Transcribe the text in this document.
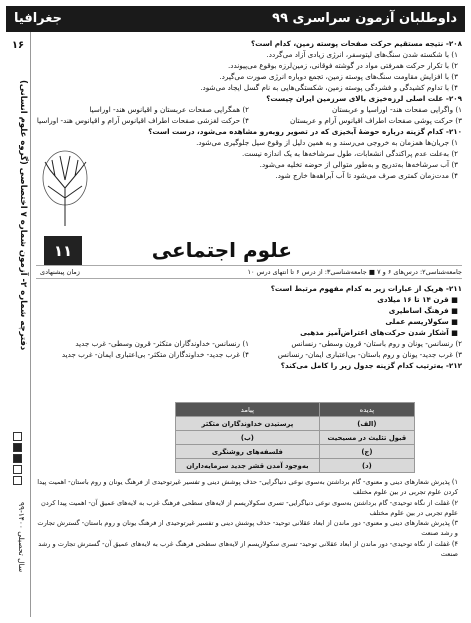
داوطلبان آزمون سراسری ۹۹
جغرافیا
۱۶
دفترچه شماره ۲- آزمون شماره ۷ اختصاصی (گروه علوم انسانی)
سال تحصیلی ۱۴۰۰-۹۹
۲۰۸- نتیجه مستقیم حرکت صفحات پوسته زمین، کدام است؟
۱) با شکسته شدن سنگ‌های لیتوسفر، انرژی زیادی آزاد می‌گردد.
۲) با تکرار حرکت همرفتی مواد در گوشته فوقانی، زمین‌لرزه بوقوع می‌پیوندد.
۳) با افزایش مقاومت سنگ‌های پوسته زمین، تجمع دوباره انرژی صورت می‌گیرد.
۴) با تداوم کشیدگی و فشردگی پوسته زمین، شکستگی‌هایی به نام گسل ایجاد می‌شود.
۲۰۹- علت اصلی لرزه‌خیزی بالای سرزمین ایران چیست؟
۱) واگرایی صفحات هند- اوراسیا و عربستان
۲) همگرایی صفحات عربستان و اقیانوس هند- اوراسیا
۳) حرکت پوشی صفحات اطراف اقیانوس آرام و عربستان
۴) حرکت لغزشی صفحات اطراف اقیانوس آرام و اقیانوس هند- اوراسیا
۲۱۰- کدام گزینه درباره حوضهٔ آبخیزی که در تصویر روبه‌رو مشاهده می‌شود، درست است؟
۱) جریان‌ها همزمان به خروجی می‌رسند و به همین دلیل از وقوع سیل جلوگیری می‌شود.
۲) به‌علت عدم پراکندگی انشعابات، طول سرشاخه‌ها به یک اندازه نیست.
۳) آب سرشاخه‌ها به‌تدریج و به‌طور متوالی از حوضه تخلیه می‌شود.
۴) مدت‌زمان کمتری صرف می‌شود تا آب آبراهه‌ها خارج شود.
علوم اجتماعی
۱۱
زمان پیشنهادی	جامعه‌شناسی۲: درس‌های ۶ و ۷ ■ جامعه‌شناسی۳: از درس ۶ تا انتهای درس ۱۰
۲۱۱- هریک از عبارات زیر به کدام مفهوم مرتبط است؟
■ قرن ۱۴ تا ۱۶ میلادی
■ فرهنگ اساطیری
■ سکولاریسم عملی
■ آشکار شدن حرکت‌های اعتراض‌آمیز مذهبی
۲) رنسانس- یونان و روم باستان- قرون وسطی- رنسانس
۱) رنسانس- خداوندگاران متکثر- قرون وسطی- غرب جدید
۳) غرب جدید- یونان و روم باستان- بی‌اعتباری ایمان- رنسانس
۴) غرب جدید- خداوندگاران متکثر- بی‌اعتباری ایمان- غرب جدید
۲۱۲- به‌ترتیب کدام گزینه جدول زیر را کامل می‌کند؟
پدیده	پیامد
(الف)	پرستیدن خداوندگاران متکثر
قبول تثلیث در مسیحیت	(ب)
(ج)	فلسفه‌های روشنگری
(د)	به‌وجود آمدن قشر جدید سرمایه‌داران
۱) پذیرش شعارهای دینی و معنوی- گام برداشتن به‌سوی نوعی دنیاگرایی- حذف پوشش دینی و تفسیر غیرتوحیدی از فرهنگ یونان و روم باستان- اهمیت پیدا کردن علوم تجربی در بین علوم مختلف
۲) غفلت از نگاه توحیدی- گام برداشتن به‌سوی نوعی دنیاگرایی- تسری سکولاریسم از لایه‌های سطحی فرهنگ غرب به لایه‌های عمیق آن- اهمیت پیدا کردن علوم تجربی در بین علوم مختلف
۳) پذیرش شعارهای دینی و معنوی- دور ماندن از ابعاد عقلانی توحید- حذف پوشش دینی و تفسیر غیرتوحیدی از فرهنگ یونان و روم باستان- گسترش تجارت و رشد صنعت
۴) غفلت از نگاه توحیدی- دور ماندن از ابعاد عقلانی توحید- تسری سکولاریسم از لایه‌های سطحی فرهنگ غرب به لایه‌های عمیق آن- گسترش تجارت و رشد صنعت
